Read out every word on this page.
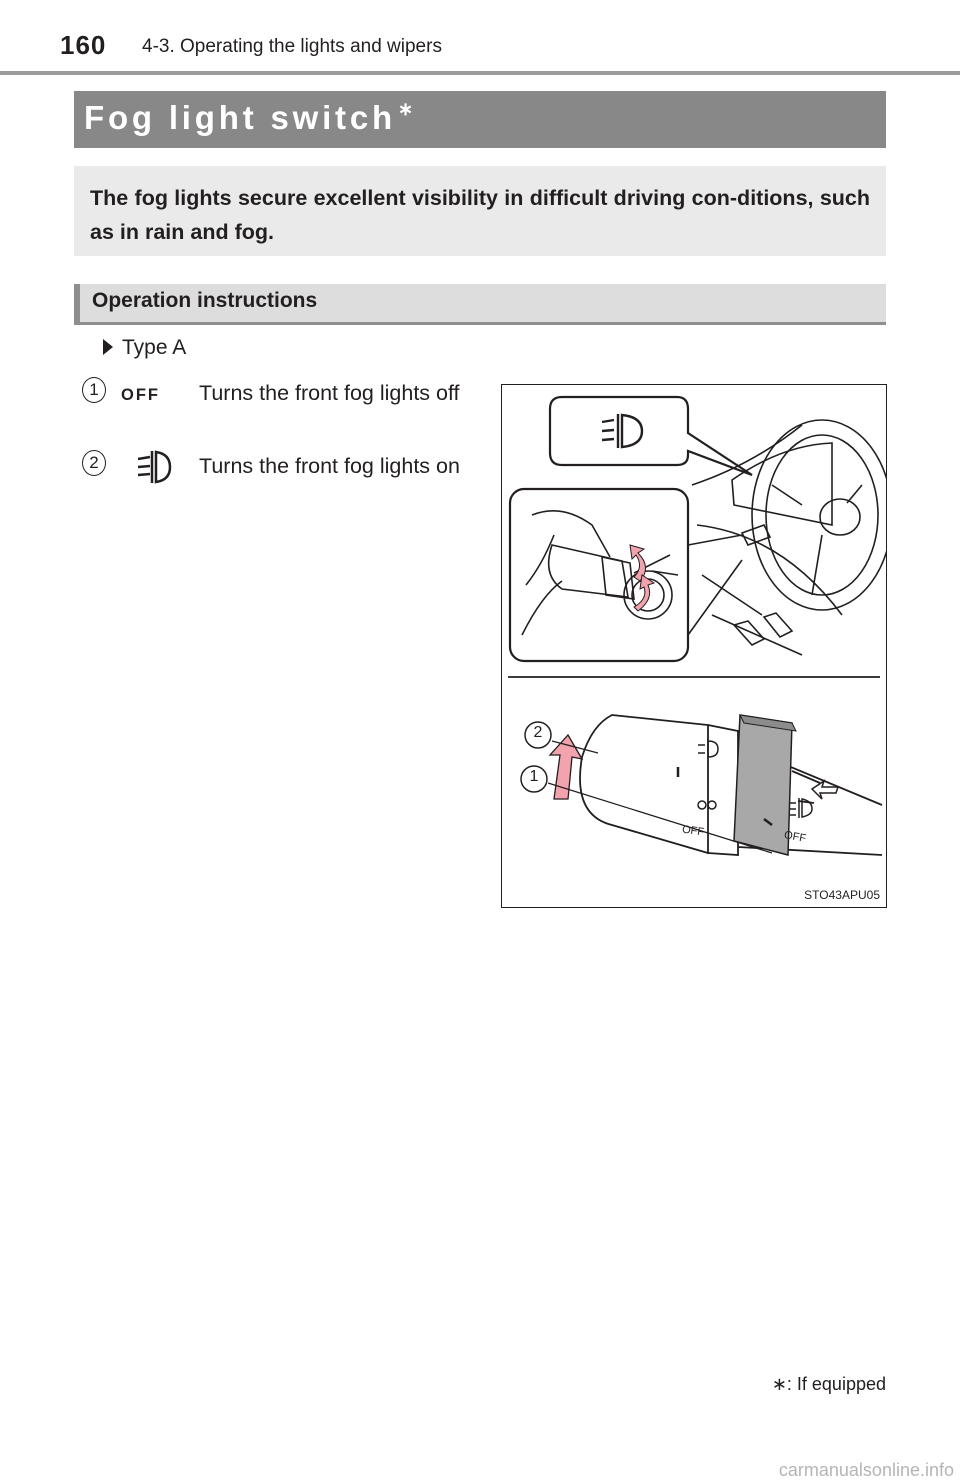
160 4-3. Operating the lights and wipers
Fog light switch ∗
The fog lights secure excellent visibility in difficult driving con-ditions, such as in rain and fog.
Operation instructions
Type A
1	OFF Turns the front fog lights off
2	Turns the front fog lights on
2
1
OFF	OFF
STO43APU05
∗: If equipped
carmanualsonline.info
